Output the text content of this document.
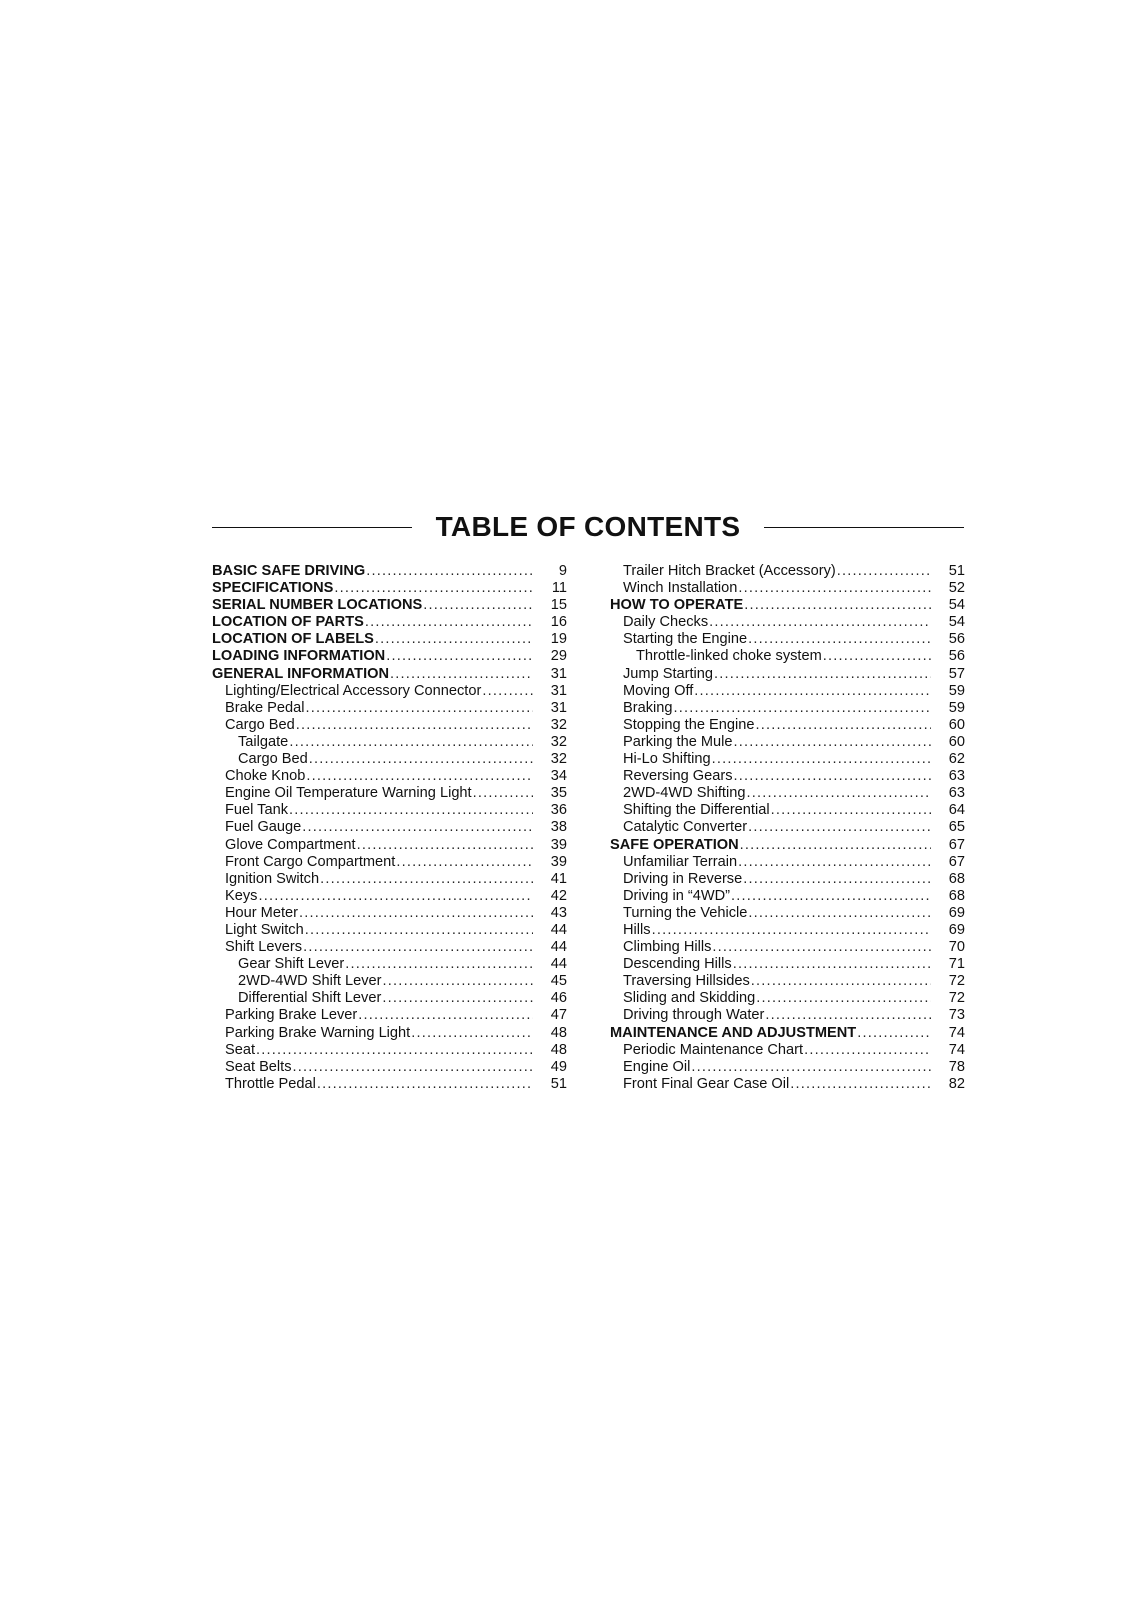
TABLE OF CONTENTS
BASIC SAFE DRIVING .....	9
SPECIFICATIONS .....	11
SERIAL NUMBER LOCATIONS .....	15
LOCATION OF PARTS .....	16
LOCATION OF LABELS .....	19
LOADING INFORMATION .....	29
GENERAL INFORMATION .....	31
Lighting/Electrical Accessory Connector .....	31
Brake Pedal .....	31
Cargo Bed .....	32
Tailgate .....	32
Cargo Bed .....	32
Choke Knob .....	34
Engine Oil Temperature Warning Light .....	35
Fuel Tank .....	36
Fuel Gauge .....	38
Glove Compartment .....	39
Front Cargo Compartment .....	39
Ignition Switch .....	41
Keys .....	42
Hour Meter .....	43
Light Switch .....	44
Shift Levers .....	44
Gear Shift Lever .....	44
2WD-4WD Shift Lever .....	45
Differential Shift Lever .....	46
Parking Brake Lever .....	47
Parking Brake Warning Light .....	48
Seat .....	48
Seat Belts .....	49
Throttle Pedal .....	51
Trailer Hitch Bracket (Accessory) .....	51
Winch Installation .....	52
HOW TO OPERATE .....	54
Daily Checks .....	54
Starting the Engine .....	56
Throttle-linked choke system .....	56
Jump Starting .....	57
Moving Off .....	59
Braking .....	59
Stopping the Engine .....	60
Parking the Mule .....	60
Hi-Lo Shifting .....	62
Reversing Gears .....	63
2WD-4WD Shifting .....	63
Shifting the Differential .....	64
Catalytic Converter .....	65
SAFE OPERATION .....	67
Unfamiliar Terrain .....	67
Driving in Reverse .....	68
Driving in “4WD” .....	68
Turning the Vehicle .....	69
Hills .....	69
Climbing Hills .....	70
Descending Hills .....	71
Traversing Hillsides .....	72
Sliding and Skidding .....	72
Driving through Water .....	73
MAINTENANCE AND ADJUSTMENT .....	74
Periodic Maintenance Chart .....	74
Engine Oil .....	78
Front Final Gear Case Oil .....	82
